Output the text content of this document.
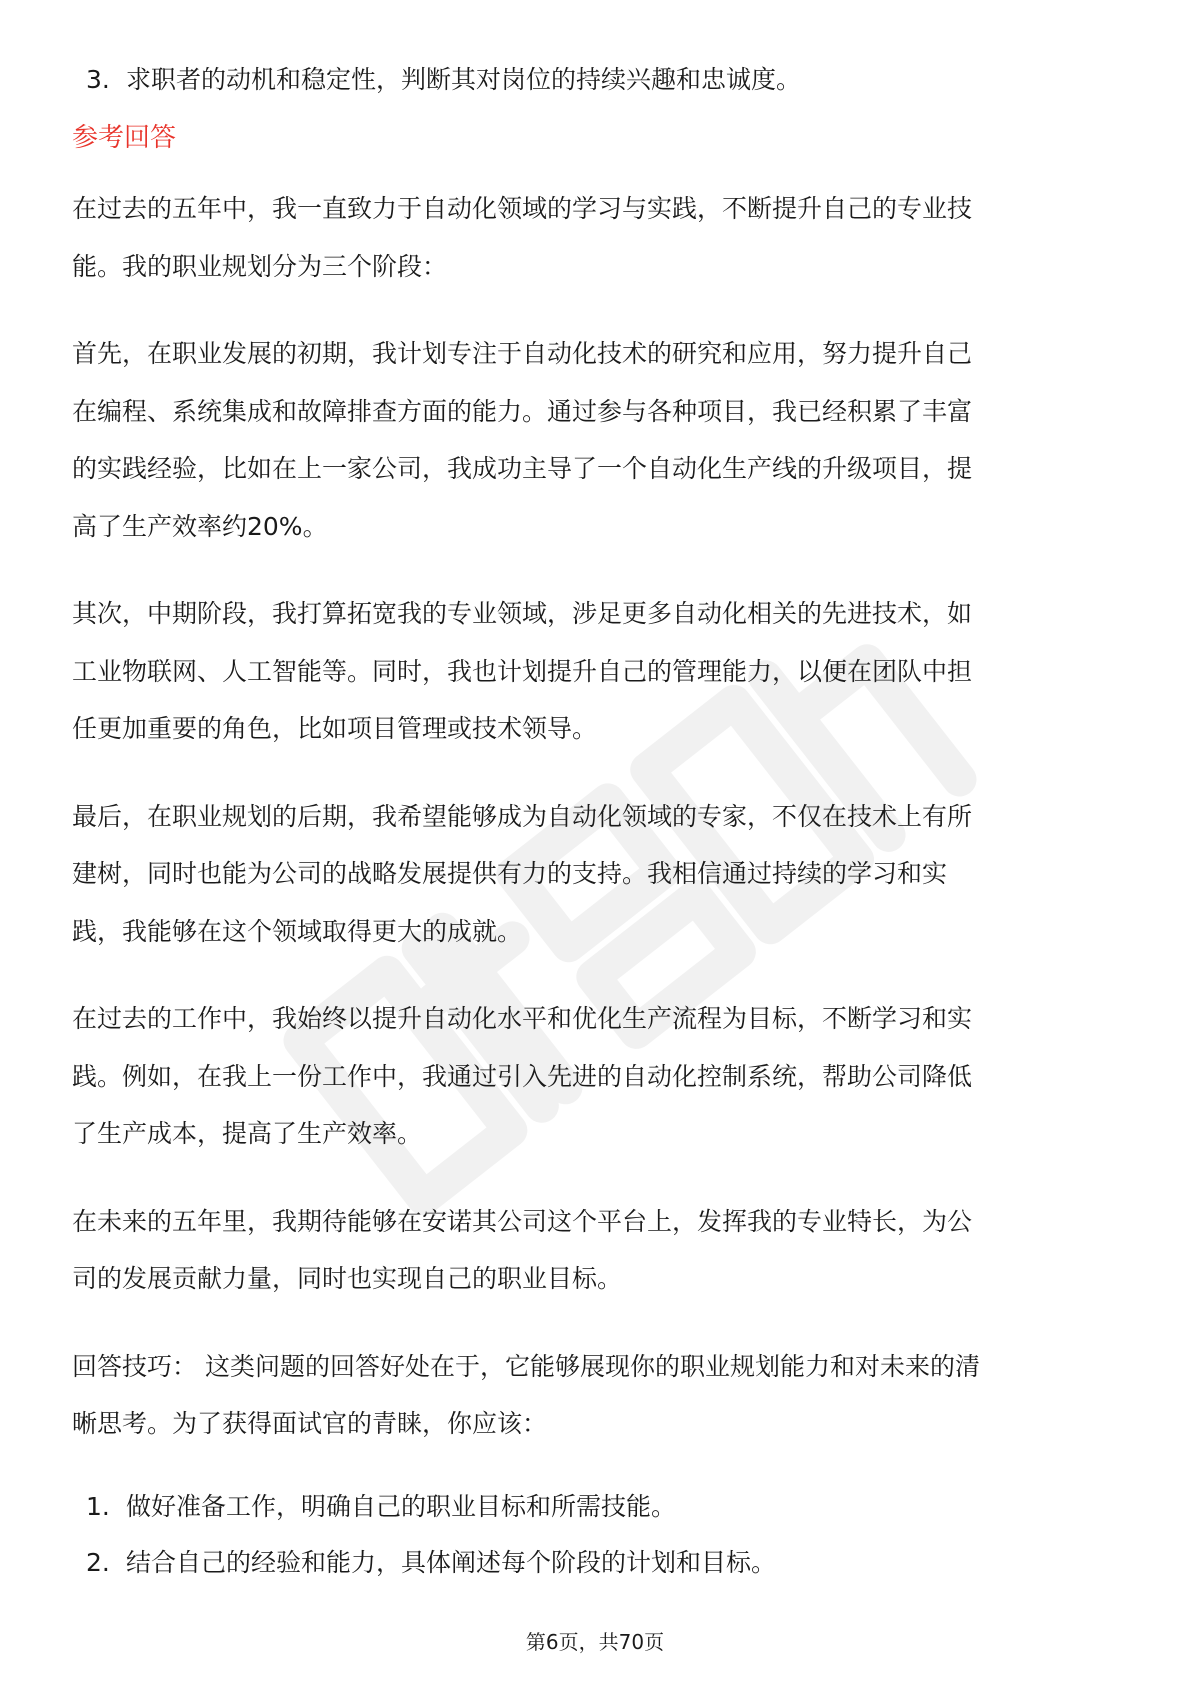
3. 求职者的动机和稳定性，判断其对岗位的持续兴趣和忠诚度。
参考回答
在过去的五年中，我一直致力于自动化领域的学习与实践，不断提升自己的专业技
能。我的职业规划分为三个阶段：
首先，在职业发展的初期，我计划专注于自动化技术的研究和应用，努力提升自己
在编程、系统集成和故障排查方面的能力。通过参与各种项目，我已经积累了丰富
的实践经验，比如在上一家公司，我成功主导了一个自动化生产线的升级项目，提
高了生产效率约20%。
其次，中期阶段，我打算拓宽我的专业领域，涉足更多自动化相关的先进技术，如
工业物联网、人工智能等。同时，我也计划提升自己的管理能力，以便在团队中担
任更加重要的角色，比如项目管理或技术领导。
最后，在职业规划的后期，我希望能够成为自动化领域的专家，不仅在技术上有所
建树，同时也能为公司的战略发展提供有力的支持。我相信通过持续的学习和实
践，我能够在这个领域取得更大的成就。
在过去的工作中，我始终以提升自动化水平和优化生产流程为目标，不断学习和实
践。例如，在我上一份工作中，我通过引入先进的自动化控制系统，帮助公司降低
了生产成本，提高了生产效率。
在未来的五年里，我期待能够在安诺其公司这个平台上，发挥我的专业特长，为公
司的发展贡献力量，同时也实现自己的职业目标。
回答技巧： 这类问题的回答好处在于，它能够展现你的职业规划能力和对未来的清
晰思考。为了获得面试官的青睐，你应该：
1. 做好准备工作，明确自己的职业目标和所需技能。
2. 结合自己的经验和能力，具体阐述每个阶段的计划和目标。
第6页，共70页
